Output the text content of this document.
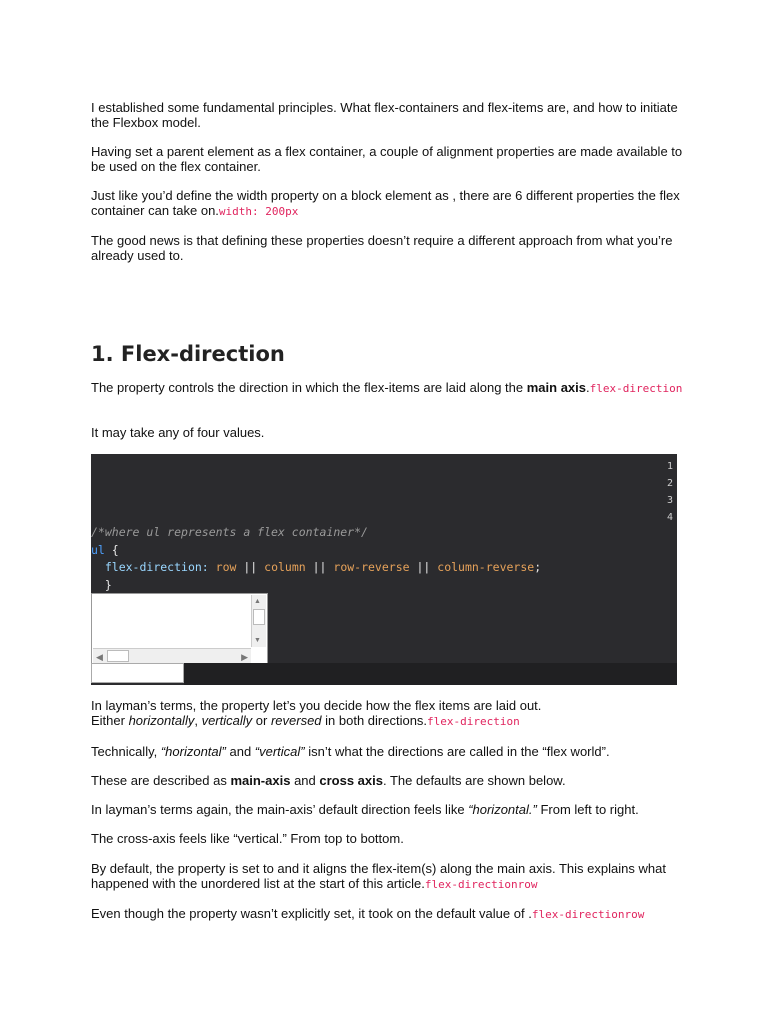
I established some fundamental principles. What flex-containers and flex-items are, and how to initiate the Flexbox model.

Having set a parent element as a flex container, a couple of alignment properties are made available to be used on the flex container.

Just like you’d define the width property on a block element as , there are 6 different properties the flex container can take on.width: 200px

The good news is that defining these properties doesn’t require a different approach from what you’re already used to.

1. Flex-direction

The property controls the direction in which the flex-items are laid along the main axis.flex-direction

It may take any of four values.

1
2
3
4
/*where ul represents a flex container*/
ul {
flex-direction: row || column || row-reverse || column-reverse;
}
▲
▼
◀	▶

In layman’s terms, the property let’s you decide how the flex items are laid out.
Either horizontally, vertically or reversed in both directions.flex-direction

Technically, “horizontal” and “vertical” isn’t what the directions are called in the “flex world”.

These are described as main-axis and cross axis. The defaults are shown below.

In layman’s terms again, the main-axis’ default direction feels like “horizontal.” From left to right.

The cross-axis feels like “vertical.” From top to bottom.

By default, the property is set to and it aligns the flex-item(s) along the main axis. This explains what happened with the unordered list at the start of this article.flex-directionrow

Even though the property wasn’t explicitly set, it took on the default value of .flex-directionrow
